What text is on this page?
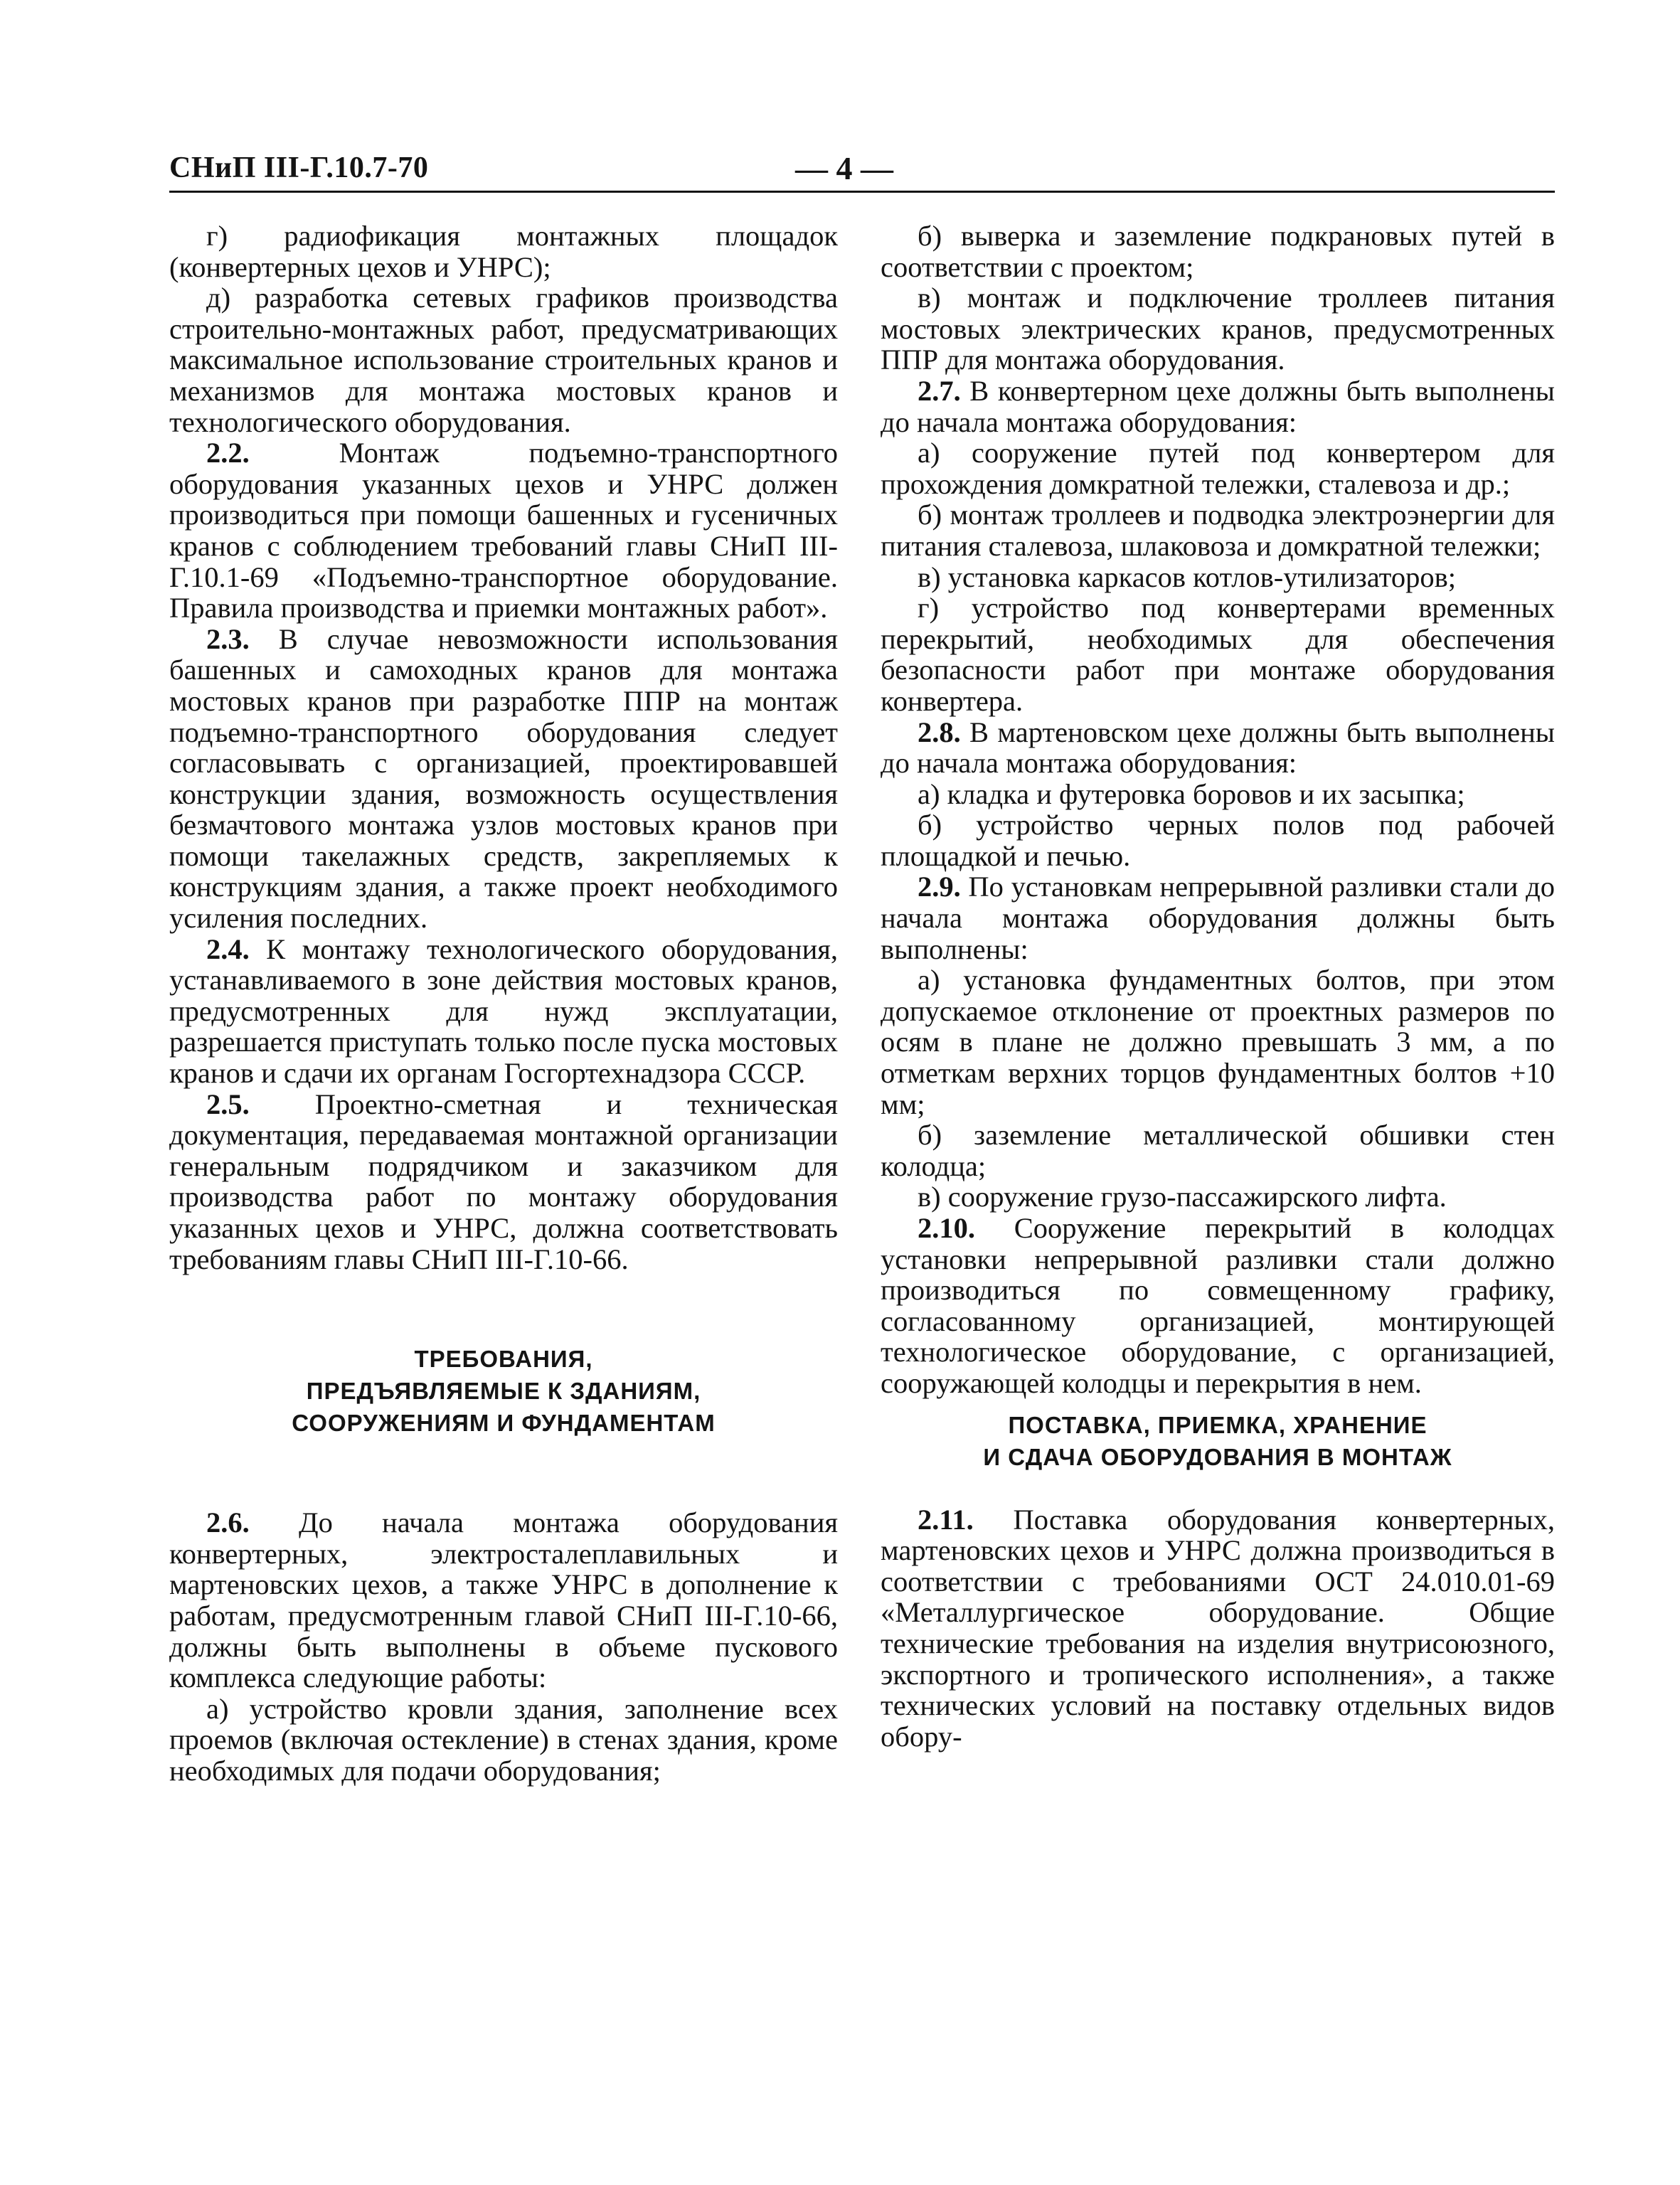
СНиП III-Г.10.7-70	— 4 —

г) радиофикация монтажных площадок (конвертерных цехов и УНРС);

д) разработка сетевых графиков производства строительно-монтажных работ, предусматривающих максимальное использование строительных кранов и механизмов для монтажа мостовых кранов и технологического оборудования.

2.2. Монтаж подъемно-транспортного оборудования указанных цехов и УНРС должен производиться при помощи башенных и гусеничных кранов с соблюдением требований главы СНиП III-Г.10.1-69 «Подъемно-транспортное оборудование. Правила производства и приемки монтажных работ».

2.3. В случае невозможности использования башенных и самоходных кранов для монтажа мостовых кранов при разработке ППР на монтаж подъемно-транспортного оборудования следует согласовывать с организацией, проектировавшей конструкции здания, возможность осуществления безмачтового монтажа узлов мостовых кранов при помощи такелажных средств, закрепляемых к конструкциям здания, а также проект необходимого усиления последних.

2.4. К монтажу технологического оборудования, устанавливаемого в зоне действия мостовых кранов, предусмотренных для нужд эксплуатации, разрешается приступать только после пуска мостовых кранов и сдачи их органам Госгортехнадзора СССР.

2.5. Проектно-сметная и техническая документация, передаваемая монтажной организации генеральным подрядчиком и заказчиком для производства работ по монтажу оборудования указанных цехов и УНРС, должна соответствовать требованиям главы СНиП III-Г.10-66.

ТРЕБОВАНИЯ,
ПРЕДЪЯВЛЯЕМЫЕ К ЗДАНИЯМ,
СООРУЖЕНИЯМ И ФУНДАМЕНТАМ

2.6. До начала монтажа оборудования конвертерных, электросталеплавильных и мартеновских цехов, а также УНРС в дополнение к работам, предусмотренным главой СНиП III-Г.10-66, должны быть выполнены в объеме пускового комплекса следующие работы:

а) устройство кровли здания, заполнение всех проемов (включая остекление) в стенах здания, кроме необходимых для подачи оборудования;

б) выверка и заземление подкрановых путей в соответствии с проектом;

в) монтаж и подключение троллеев питания мостовых электрических кранов, предусмотренных ППР для монтажа оборудования.

2.7. В конвертерном цехе должны быть выполнены до начала монтажа оборудования:

а) сооружение путей под конвертером для прохождения домкратной тележки, сталевоза и др.;

б) монтаж троллеев и подводка электроэнергии для питания сталевоза, шлаковоза и домкратной тележки;

в) установка каркасов котлов-утилизаторов;

г) устройство под конвертерами временных перекрытий, необходимых для обеспечения безопасности работ при монтаже оборудования конвертера.

2.8. В мартеновском цехе должны быть выполнены до начала монтажа оборудования:

а) кладка и футеровка боровов и их засыпка;

б) устройство черных полов под рабочей площадкой и печью.

2.9. По установкам непрерывной разливки стали до начала монтажа оборудования должны быть выполнены:

а) установка фундаментных болтов, при этом допускаемое отклонение от проектных размеров по осям в плане не должно превышать 3 мм, а по отметкам верхних торцов фундаментных болтов +10 мм;

б) заземление металлической обшивки стен колодца;

в) сооружение грузо-пассажирского лифта.

2.10. Сооружение перекрытий в колодцах установки непрерывной разливки стали должно производиться по совмещенному графику, согласованному организацией, монтирующей технологическое оборудование, с организацией, сооружающей колодцы и перекрытия в нем.

ПОСТАВКА, ПРИЕМКА, ХРАНЕНИЕ
И СДАЧА ОБОРУДОВАНИЯ В МОНТАЖ

2.11. Поставка оборудования конвертерных, мартеновских цехов и УНРС должна производиться в соответствии с требованиями ОСТ 24.010.01-69 «Металлургическое оборудование. Общие технические требования на изделия внутрисоюзного, экспортного и тропического исполнения», а также технических условий на поставку отдельных видов обору-
